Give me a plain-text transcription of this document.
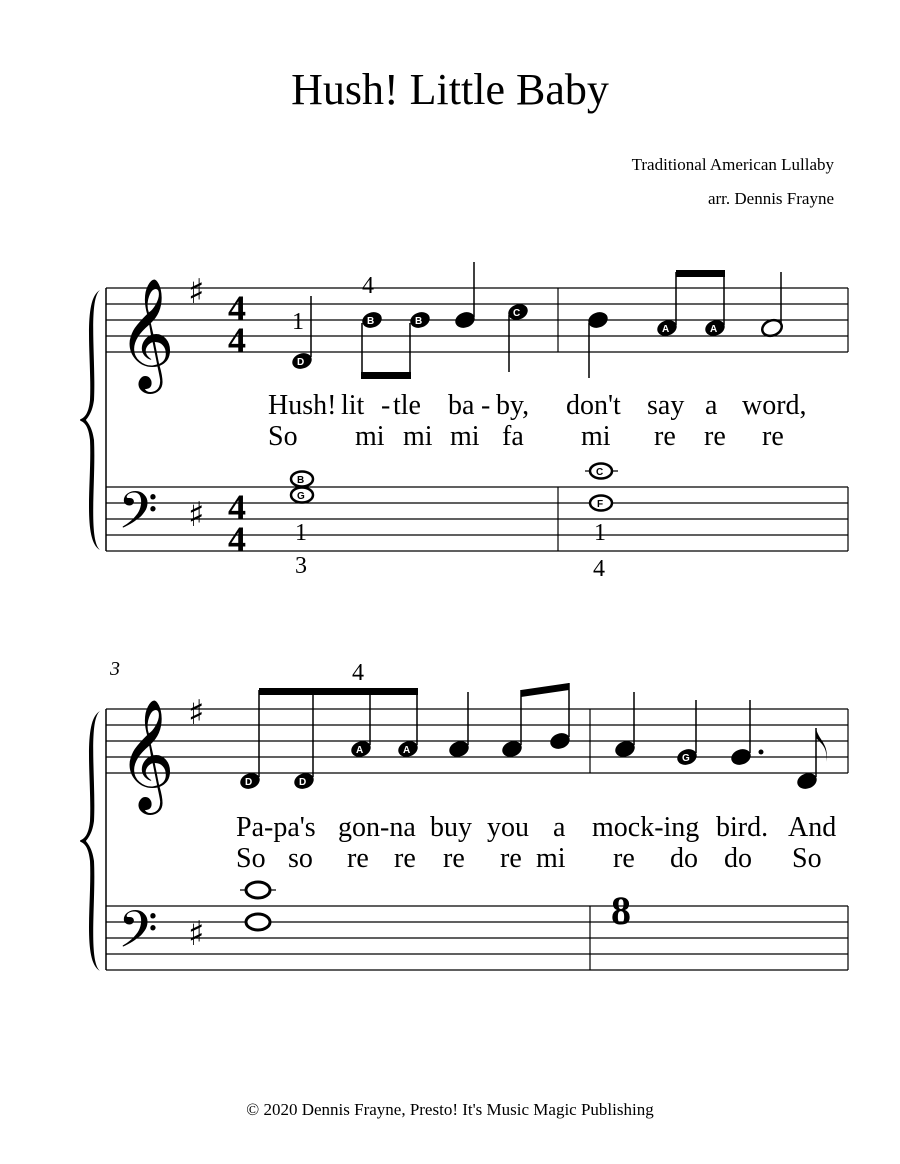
Hush! Little Baby
Traditional American Lullaby
arr. Dennis Frayne
𝄞
𝄢
♯
♯
4
4
4
4
D
B	B
C
A	A
B
G
C
F
𝄞
𝄢
♯
♯
D	D
A	A
G
8
1
4
1	1
3	4
Hush! lit - tle ba - by, don't say a word,
So mi mi mi fa mi re re re
3	4
Pa-pa's gon-na buy you a mock-ing bird. And
So so re re re re mi re do do So
© 2020 Dennis Frayne, Presto! It's Music Magic Publishing
